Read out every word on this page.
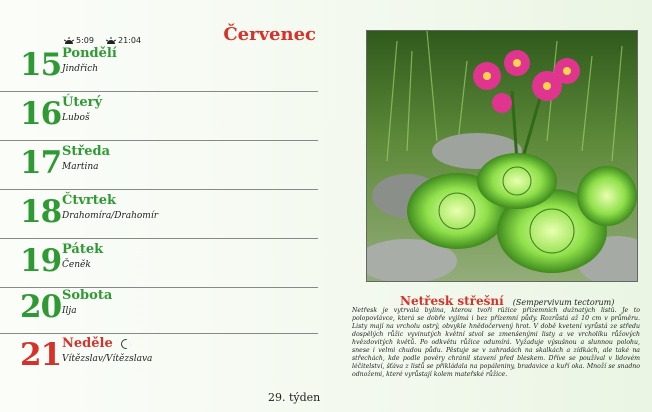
5:09	21:04	Červenec
15 Pondělí
Jindřich
16 Úterý
Luboš
17 Středa
Martina
18 Čtvrtek
Drahomíra/Drahomír
19 Pátek
Čeněk
20 Sobota
Ilja
21 Neděle
Vítězslav/Vítězslava
29. týden
Netřesk střešní (Sempervivum tectorum)
Netřesk je vytrvalá bylina, kterou tvoří růžice přízemních dužnatých listů. Je to polopovlávce, která se dobře vyjímá i bez přízemní půdy. Rozrůstá až 10 cm v průměru. Listy mají na vrcholu ostrý, obvykle hnědočervený hrot. V době kvetení vyrůstá ze středu dospělých růžic vyvinutých květní stvol se zmenšenými listy a ve vrcholíku růžových hvězdovitých květů. Po odkvětu růžice odumírá. Vyžaduje výsušnou a slunnou polohu, snese i velmi chudou půdu. Pěstuje se v zahradách na skalkách a zídkách, ale také na střechách, kde podle pověry chránil stavení před bleskem. Dříve se používal v lidovém léčitelství, šťáva z listů se přikládala na popáleniny, bradavice a kuří oka. Množí se snadno odnožemi, které vyrůstají kolem mateřské růžice.
